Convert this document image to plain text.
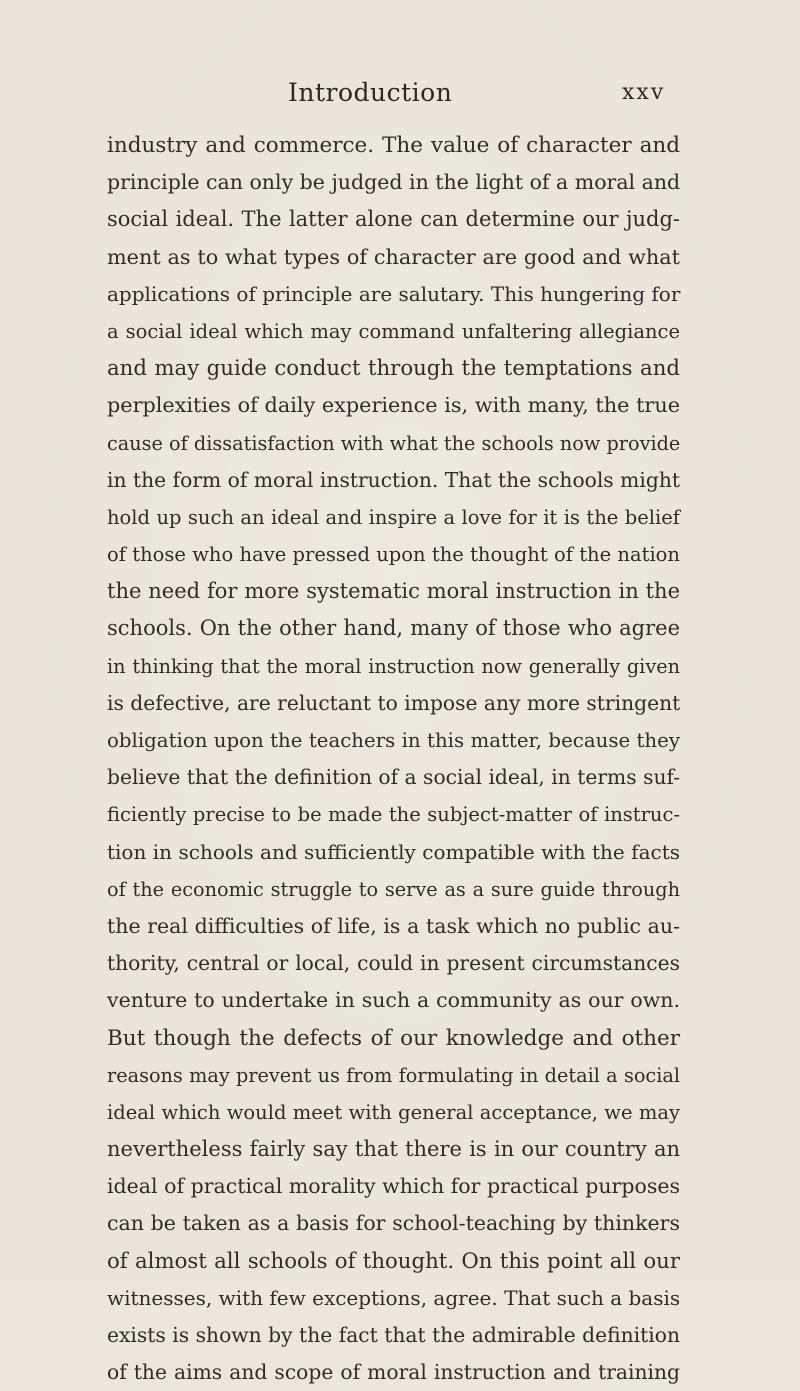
Introduction	xxv
industry and commerce. The value of character and
principle can only be judged in the light of a moral and
social ideal. The latter alone can determine our judg-
ment as to what types of character are good and what
applications of principle are salutary. This hungering for
a social ideal which may command unfaltering allegiance
and may guide conduct through the temptations and
perplexities of daily experience is, with many, the true
cause of dissatisfaction with what the schools now provide
in the form of moral instruction. That the schools might
hold up such an ideal and inspire a love for it is the belief
of those who have pressed upon the thought of the nation
the need for more systematic moral instruction in the
schools. On the other hand, many of those who agree
in thinking that the moral instruction now generally given
is defective, are reluctant to impose any more stringent
obligation upon the teachers in this matter, because they
believe that the definition of a social ideal, in terms suf-
ficiently precise to be made the subject-matter of instruc-
tion in schools and sufficiently compatible with the facts
of the economic struggle to serve as a sure guide through
the real difficulties of life, is a task which no public au-
thority, central or local, could in present circumstances
venture to undertake in such a community as our own.
But though the defects of our knowledge and other
reasons may prevent us from formulating in detail a social
ideal which would meet with general acceptance, we may
nevertheless fairly say that there is in our country an
ideal of practical morality which for practical purposes
can be taken as a basis for school-teaching by thinkers
of almost all schools of thought. On this point all our
witnesses, with few exceptions, agree. That such a basis
exists is shown by the fact that the admirable definition
of the aims and scope of moral instruction and training
